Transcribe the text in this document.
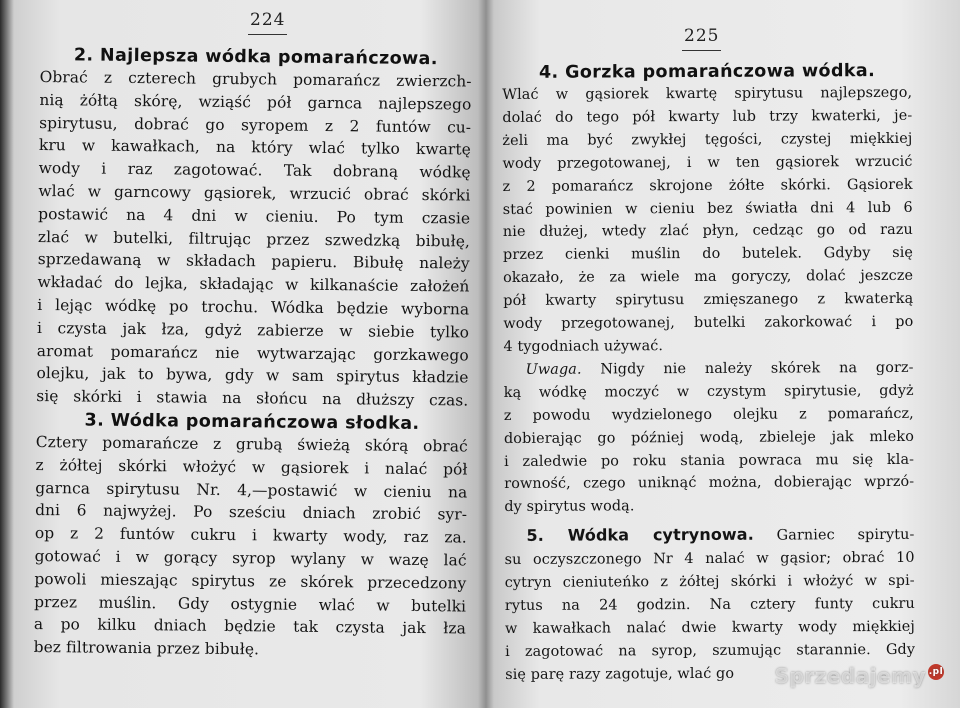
224
2. Najlepsza wódka pomarańczowa.
Obrać z czterech grubych pomarańcz zwierzch-
nią żółtą skórę, wziąść pół garnca najlepszego
spirytusu, dobrać go syropem z 2 funtów cu-
kru w kawałkach, na który wlać tylko kwartę
wody i raz zagotować. Tak dobraną wódkę
wlać w garncowy gąsiorek, wrzucić obrać skórki
postawić na 4 dni w cieniu. Po tym czasie
zlać w butelki, filtrując przez szwedzką bibułę,
sprzedawaną w składach papieru. Bibułę należy
wkładać do lejka, składając w kilkanaście założeń
i lejąc wódkę po trochu. Wódka będzie wyborna
i czysta jak łza, gdyż zabierze w siebie tylko
aromat pomarańcz nie wytwarzając gorzkawego
olejku, jak to bywa, gdy w sam spirytus kładzie
się skórki i stawia na słońcu na dłuższy czas.
3. Wódka pomarańczowa słodka.
Cztery pomarańcze z grubą świeżą skórą obrać
z żółtej skórki włożyć w gąsiorek i nalać pół
garnca spirytusu Nr. 4,—postawić w cieniu na
dni 6 najwyżej. Po sześciu dniach zrobić syr-
op z 2 funtów cukru i kwarty wody, raz za.
gotować i w gorący syrop wylany w wazę lać
powoli mieszając spirytus ze skórek przecedzony
przez muślin. Gdy ostygnie wlać w butelki
a po kilku dniach będzie tak czysta jak łza
bez filtrowania przez bibułę.
225
4. Gorzka pomarańczowa wódka.
Wlać w gąsiorek kwartę spirytusu najlepszego,
dolać do tego pół kwarty lub trzy kwaterki, je-
żeli ma być zwykłej tęgości, czystej miękkiej
wody przegotowanej, i w ten gąsiorek wrzucić
z 2 pomarańcz skrojone żółte skórki. Gąsiorek
stać powinien w cieniu bez światła dni 4 lub 6
nie dłużej, wtedy zlać płyn, cedząc go od razu
przez cienki muślin do butelek. Gdyby się
okazało, że za wiele ma goryczy, dolać jeszcze
pół kwarty spirytusu zmięszanego z kwaterką
wody przegotowanej, butelki zakorkować i po
4 tygodniach używać.
Uwaga. Nigdy nie należy skórek na gorz-
ką wódkę moczyć w czystym spirytusie, gdyż
z powodu wydzielonego olejku z pomarańcz,
dobierając go później wodą, zbieleje jak mleko
i zaledwie po roku stania powraca mu się kla-
rowność, czego uniknąć można, dobierając wprzó-
dy spirytus wodą.
5. Wódka cytrynowa. Garniec spirytu-
su oczyszczonego Nr 4 nalać w gąsior; obrać 10
cytryn cieniuteńko z żółtej skórki i włożyć w spi-
rytus na 24 godzin. Na cztery funty cukru
w kawałkach nalać dwie kwarty wody miękkiej
i zagotować na syrop, szumując starannie. Gdy
się parę razy zagotuje, wlać go	Sprzedajemy .pl
